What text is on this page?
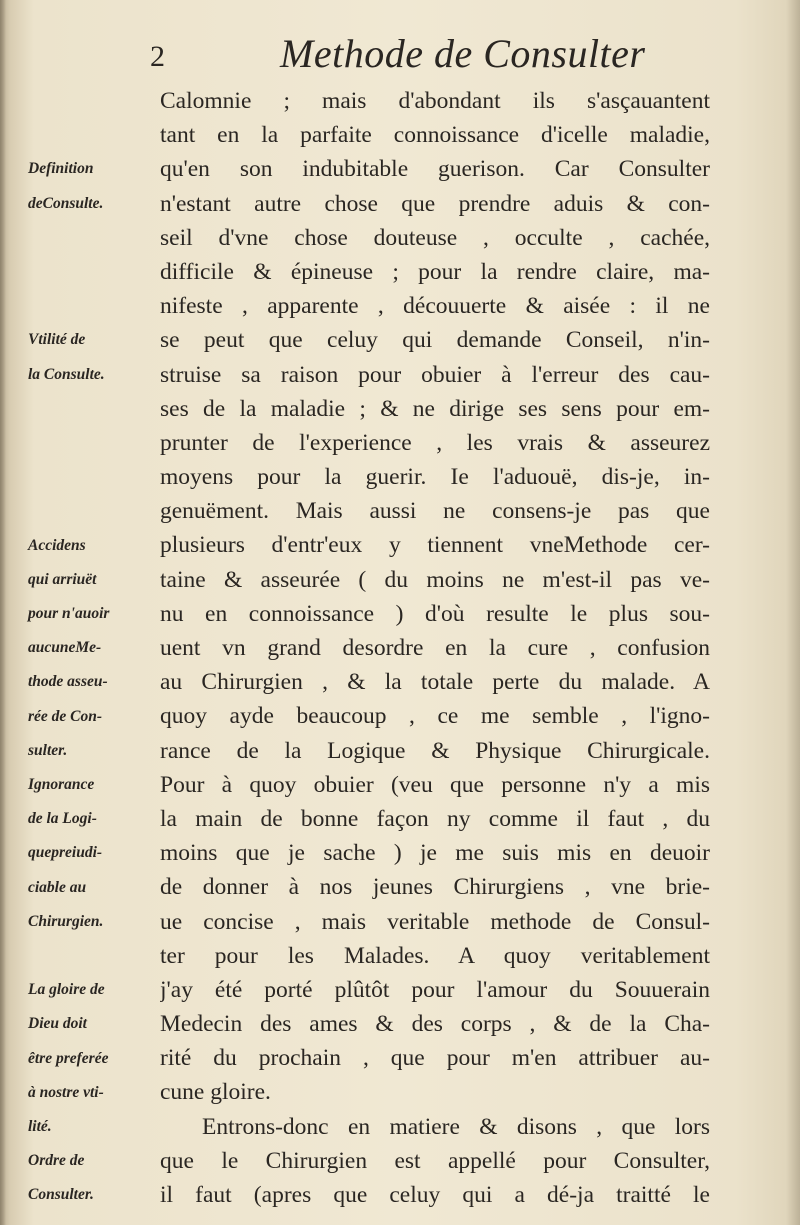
2	Methode de Consulter
Definition
deConsulte.
Vtilité de
la Consulte.
Accidens
qui arriuët
pour n'auoir
aucuneMe-
thode asseu-
rée de Con-
sulter.
Ignorance
de la Logi-
quepreiudi-
ciable au
Chirurgien.
La gloire de
Dieu doit
être preferée
à nostre vti-
lité.
Ordre de
Consulter.
Calomnie ; mais d'abondant ils s'asçauantent
tant en la parfaite connoissance d'icelle maladie,
qu'en son indubitable guerison. Car Consulter
n'estant autre chose que prendre aduis & con-
seil d'vne chose douteuse , occulte , cachée,
difficile & épineuse ; pour la rendre claire, ma-
nifeste , apparente , découuerte & aisée : il ne
se peut que celuy qui demande Conseil, n'in-
struise sa raison pour obuier à l'erreur des cau-
ses de la maladie ; & ne dirige ses sens pour em-
prunter de l'experience , les vrais & asseurez
moyens pour la guerir. Ie l'aduouë, dis-je, in-
genuëment. Mais aussi ne consens-je pas que
plusieurs d'entr'eux y tiennent vneMethode cer-
taine & asseurée ( du moins ne m'est-il pas ve-
nu en connoissance ) d'où resulte le plus sou-
uent vn grand desordre en la cure , confusion
au Chirurgien , & la totale perte du malade. A
quoy ayde beaucoup , ce me semble , l'igno-
rance de la Logique & Physique Chirurgicale.
Pour à quoy obuier (veu que personne n'y a mis
la main de bonne façon ny comme il faut , du
moins que je sache ) je me suis mis en deuoir
de donner à nos jeunes Chirurgiens , vne brie-
ue concise , mais veritable methode de Consul-
ter pour les Malades. A quoy veritablement
j'ay été porté plûtôt pour l'amour du Souuerain
Medecin des ames & des corps , & de la Cha-
rité du prochain , que pour m'en attribuer au-
cune gloire.
Entrons-donc en matiere & disons , que lors
que le Chirurgien est appellé pour Consulter,
il faut (apres que celuy qui a dé-ja traitté le
